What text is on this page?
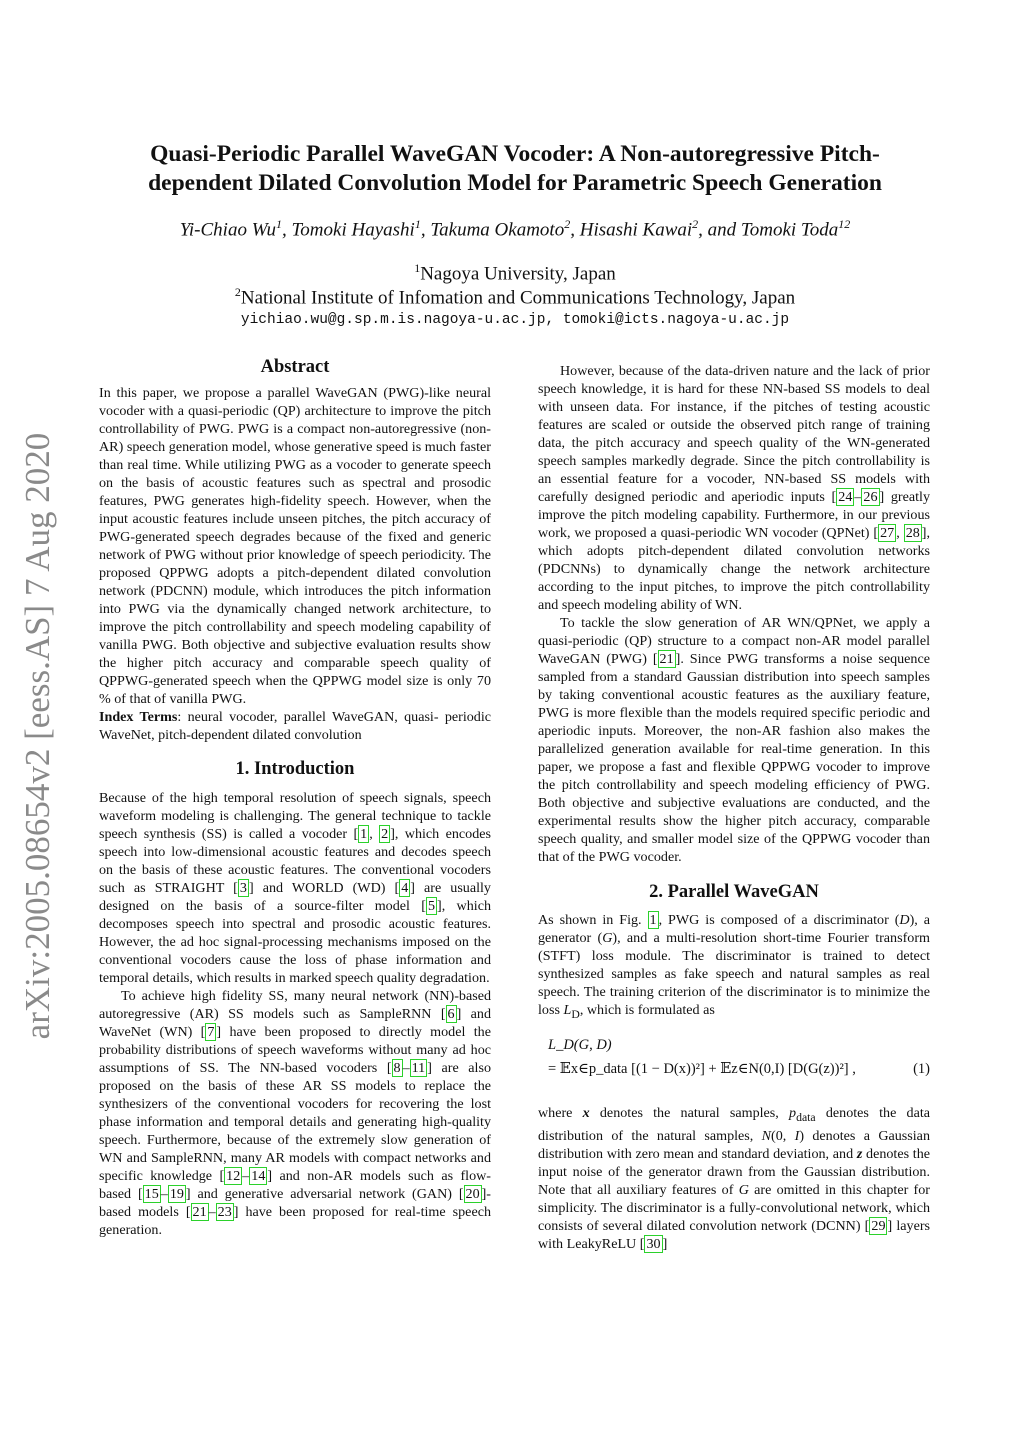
arXiv:2005.08654v2 [eess.AS] 7 Aug 2020
Quasi-Periodic Parallel WaveGAN Vocoder: A Non-autoregressive Pitch-dependent Dilated Convolution Model for Parametric Speech Generation
Yi-Chiao Wu$^1$, Tomoki Hayashi$^1$, Takuma Okamoto$^2$, Hisashi Kawai$^2$, and Tomoki Toda$^{12}$
$^1$Nagoya University, Japan
$^2$National Institute of Infomation and Communications Technology, Japan
yichiao.wu@g.sp.m.is.nagoya-u.ac.jp, tomoki@icts.nagoya-u.ac.jp
Abstract

In this paper, we propose a parallel WaveGAN (PWG)-like neural vocoder with a quasi-periodic (QP) architecture to improve the pitch controllability of PWG. PWG is a compact non-autoregressive (non-AR) speech generation model, whose generative speed is much faster than real time. While utilizing PWG as a vocoder to generate speech on the basis of acoustic features such as spectral and prosodic features, PWG generates high-fidelity speech. However, when the input acoustic features include unseen pitches, the pitch accuracy of PWG-generated speech degrades because of the fixed and generic network of PWG without prior knowledge of speech periodicity. The proposed QPPWG adopts a pitch-dependent dilated convolution network (PDCNN) module, which introduces the pitch information into PWG via the dynamically changed network architecture, to improve the pitch controllability and speech modeling capability of vanilla PWG. Both objective and subjective evaluation results show the higher pitch accuracy and comparable speech quality of QPPWG-generated speech when the QPPWG model size is only 70 % of that of vanilla PWG.

Index Terms: neural vocoder, parallel WaveGAN, quasi- periodic WaveNet, pitch-dependent dilated convolution

1. Introduction

Because of the high temporal resolution of speech signals, speech waveform modeling is challenging. The general technique to tackle speech synthesis (SS) is called a vocoder [ 1 , 2 ], which encodes speech into low-dimensional acoustic features and decodes speech on the basis of these acoustic features. The conventional vocoders such as STRAIGHT [ 3 ] and WORLD (WD) [ 4 ] are usually designed on the basis of a source-filter model [ 5 ], which decomposes speech into spectral and prosodic acoustic features. However, the ad hoc signal-processing mechanisms imposed on the conventional vocoders cause the loss of phase information and temporal details, which results in marked speech quality degradation.

To achieve high fidelity SS, many neural network (NN)-based autoregressive (AR) SS models such as SampleRNN [ 6 ] and WaveNet (WN) [ 7 ] have been proposed to directly model the probability distributions of speech waveforms without many ad hoc assumptions of SS. The NN-based vocoders [ 8 – 11 ] are also proposed on the basis of these AR SS models to replace the synthesizers of the conventional vocoders for recovering the lost phase information and temporal details and generating high-quality speech. Furthermore, because of the extremely slow generation of WN and SampleRNN, many AR models with compact networks and specific knowledge [ 12 – 14 ] and non-AR models such as flow-based [ 15 – 19 ] and generative adversarial network (GAN) [ 20 ]-based models [ 21 – 23 ] have been proposed for real-time speech generation.

However, because of the data-driven nature and the lack of prior speech knowledge, it is hard for these NN-based SS models to deal with unseen data. For instance, if the pitches of testing acoustic features are scaled or outside the observed pitch range of training data, the pitch accuracy and speech quality of the WN-generated speech samples markedly degrade. Since the pitch controllability is an essential feature for a vocoder, NN-based SS models with carefully designed periodic and aperiodic inputs [ 24 – 26 ] greatly improve the pitch modeling capability. Furthermore, in our previous work, we proposed a quasi-periodic WN vocoder (QPNet) [ 27 , 28 ], which adopts pitch-dependent dilated convolution networks (PDCNNs) to dynamically change the network architecture according to the input pitches, to improve the pitch controllability and speech modeling ability of WN.

To tackle the slow generation of AR WN/QPNet, we apply a quasi-periodic (QP) structure to a compact non-AR model parallel WaveGAN (PWG) [ 21 ]. Since PWG transforms a noise sequence sampled from a standard Gaussian distribution into speech samples by taking conventional acoustic features as the auxiliary feature, PWG is more flexible than the models required specific periodic and aperiodic inputs. Moreover, the non-AR fashion also makes the parallelized generation available for real-time generation. In this paper, we propose a fast and flexible QPPWG vocoder to improve the pitch controllability and speech modeling efficiency of PWG. Both objective and subjective evaluations are conducted, and the experimental results show the higher pitch accuracy, comparable speech quality, and smaller model size of the QPPWG vocoder than that of the PWG vocoder.

2. Parallel WaveGAN

As shown in Fig. 1 , PWG is composed of a discriminator (D), a generator (G), and a multi-resolution short-time Fourier transform (STFT) loss module. The discriminator is trained to detect synthesized samples as fake speech and natural samples as real speech. The training criterion of the discriminator is to minimize the loss $L_D$, which is formulated as

L_D(G, D)
= 𝔼x∈p_data [(1 − D(x))²] + 𝔼z∈N(0,I) [D(G(z))²] ,	(1)

where x denotes the natural samples, $p_{data}$ denotes the data distribution of the natural samples, N(0, I) denotes a Gaussian distribution with zero mean and standard deviation, and z denotes the input noise of the generator drawn from the Gaussian distribution. Note that all auxiliary features of G are omitted in this chapter for simplicity. The discriminator is a fully-convolutional network, which consists of several dilated convolution network (DCNN) [ 29 ] layers with LeakyReLU [ 30 ]
